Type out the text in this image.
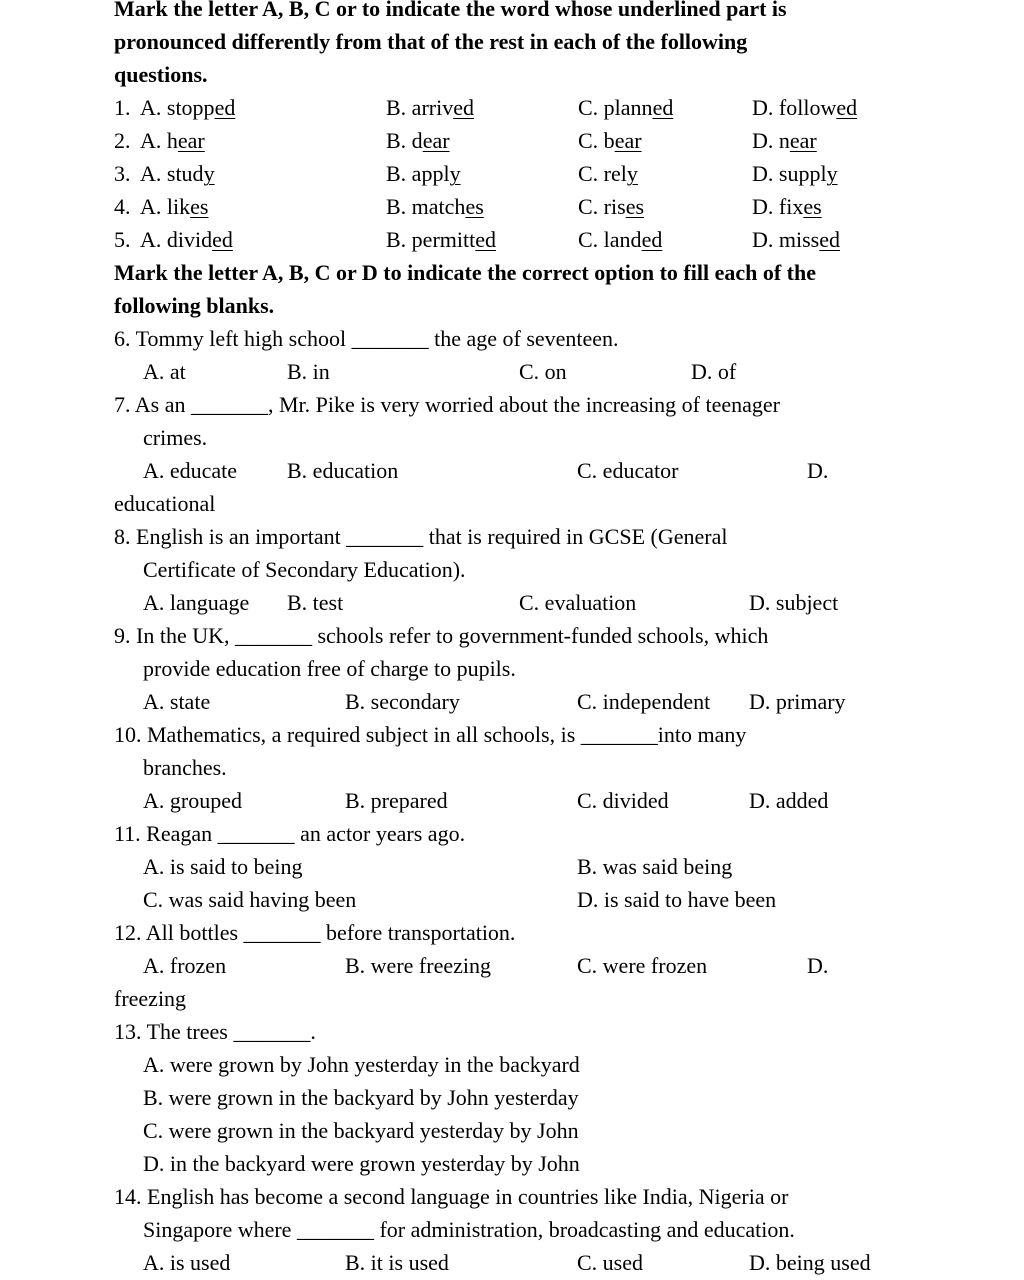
Mark the letter A, B, C or to indicate the word whose underlined part is
pronounced differently from that of the rest in each of the following
questions.
1. A. stopped	B. arrived	C. planned	D. followed
2. A. hear	B. dear	C. bear	D. near
3. A. study	B. apply	C. rely	D. supply
4. A. likes	B. matches	C. rises	D. fixes
5. A. divided	B. permitted	C. landed	D. missed
Mark the letter A, B, C or D to indicate the correct option to fill each of the
following blanks.
6. Tommy left high school _______ the age of seventeen.
A. at	B. in	C. on	D. of
7. As an _______, Mr. Pike is very worried about the increasing of teenager
crimes.
A. educate B. education	C. educator	D.
educational
8. English is an important _______ that is required in GCSE (General
Certificate of Secondary Education).
A. language B. test	C. evaluation	D. subject
9. In the UK, _______ schools refer to government-funded schools, which
provide education free of charge to pupils.
A. state	B. secondary	C. independent D. primary
10. Mathematics, a required subject in all schools, is _______into many
branches.
A. grouped	B. prepared	C. divided	D. added
11. Reagan _______ an actor years ago.
A. is said to being	B. was said being
C. was said having been	D. is said to have been
12. All bottles _______ before transportation.
A. frozen	B. were freezing	C. were frozen	D.
freezing
13. The trees _______.
A. were grown by John yesterday in the backyard
B. were grown in the backyard by John yesterday
C. were grown in the backyard yesterday by John
D. in the backyard were grown yesterday by John
14. English has become a second language in countries like India, Nigeria or
Singapore where _______ for administration, broadcasting and education.
A. is used	B. it is used	C. used	D. being used
